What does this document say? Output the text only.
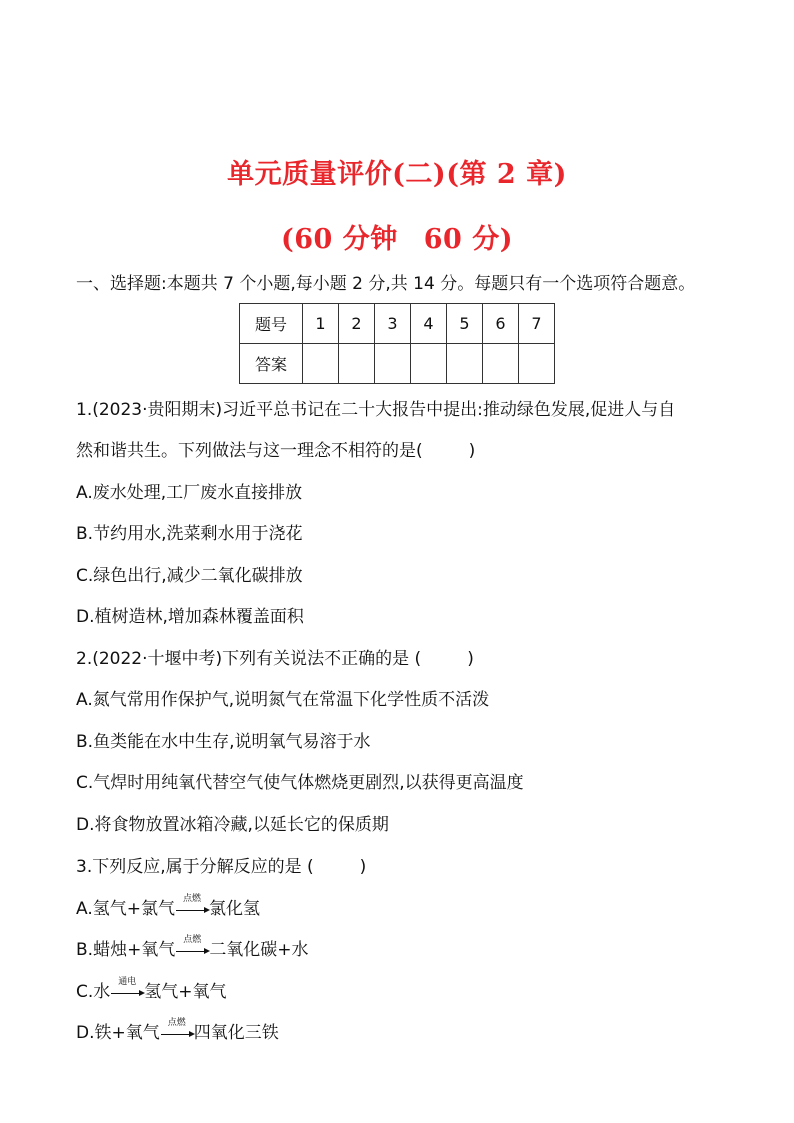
单元质量评价(二)(第 2 章)
(60 分钟 60 分)
一、选择题:本题共 7 个小题,每小题 2 分,共 14 分。每题只有一个选项符合题意。
题号	1	2	3	4	5	6	7
答案							
1.(2023·贵阳期末)习近平总书记在二十大报告中提出:推动绿色发展,促进人与自
然和谐共生。下列做法与这一理念不相符的是(	)
A.废水处理,工厂废水直接排放
B.节约用水,洗菜剩水用于浇花
C.绿色出行,减少二氧化碳排放
D.植树造林,增加森林覆盖面积
2.(2022·十堰中考)下列有关说法不正确的是 (	)
A.氮气常用作保护气,说明氮气在常温下化学性质不活泼
B.鱼类能在水中生存,说明氧气易溶于水
C.气焊时用纯氧代替空气使气体燃烧更剧烈,以获得更高温度
D.将食物放置冰箱冷藏,以延长它的保质期
3.下列反应,属于分解反应的是 (	)
A.氢气+氯气 点燃 氯化氢
B.蜡烛+氧气 点燃 二氧化碳+水
C.水 通电 氢气+氧气
D.铁+氧气 点燃 四氧化三铁
